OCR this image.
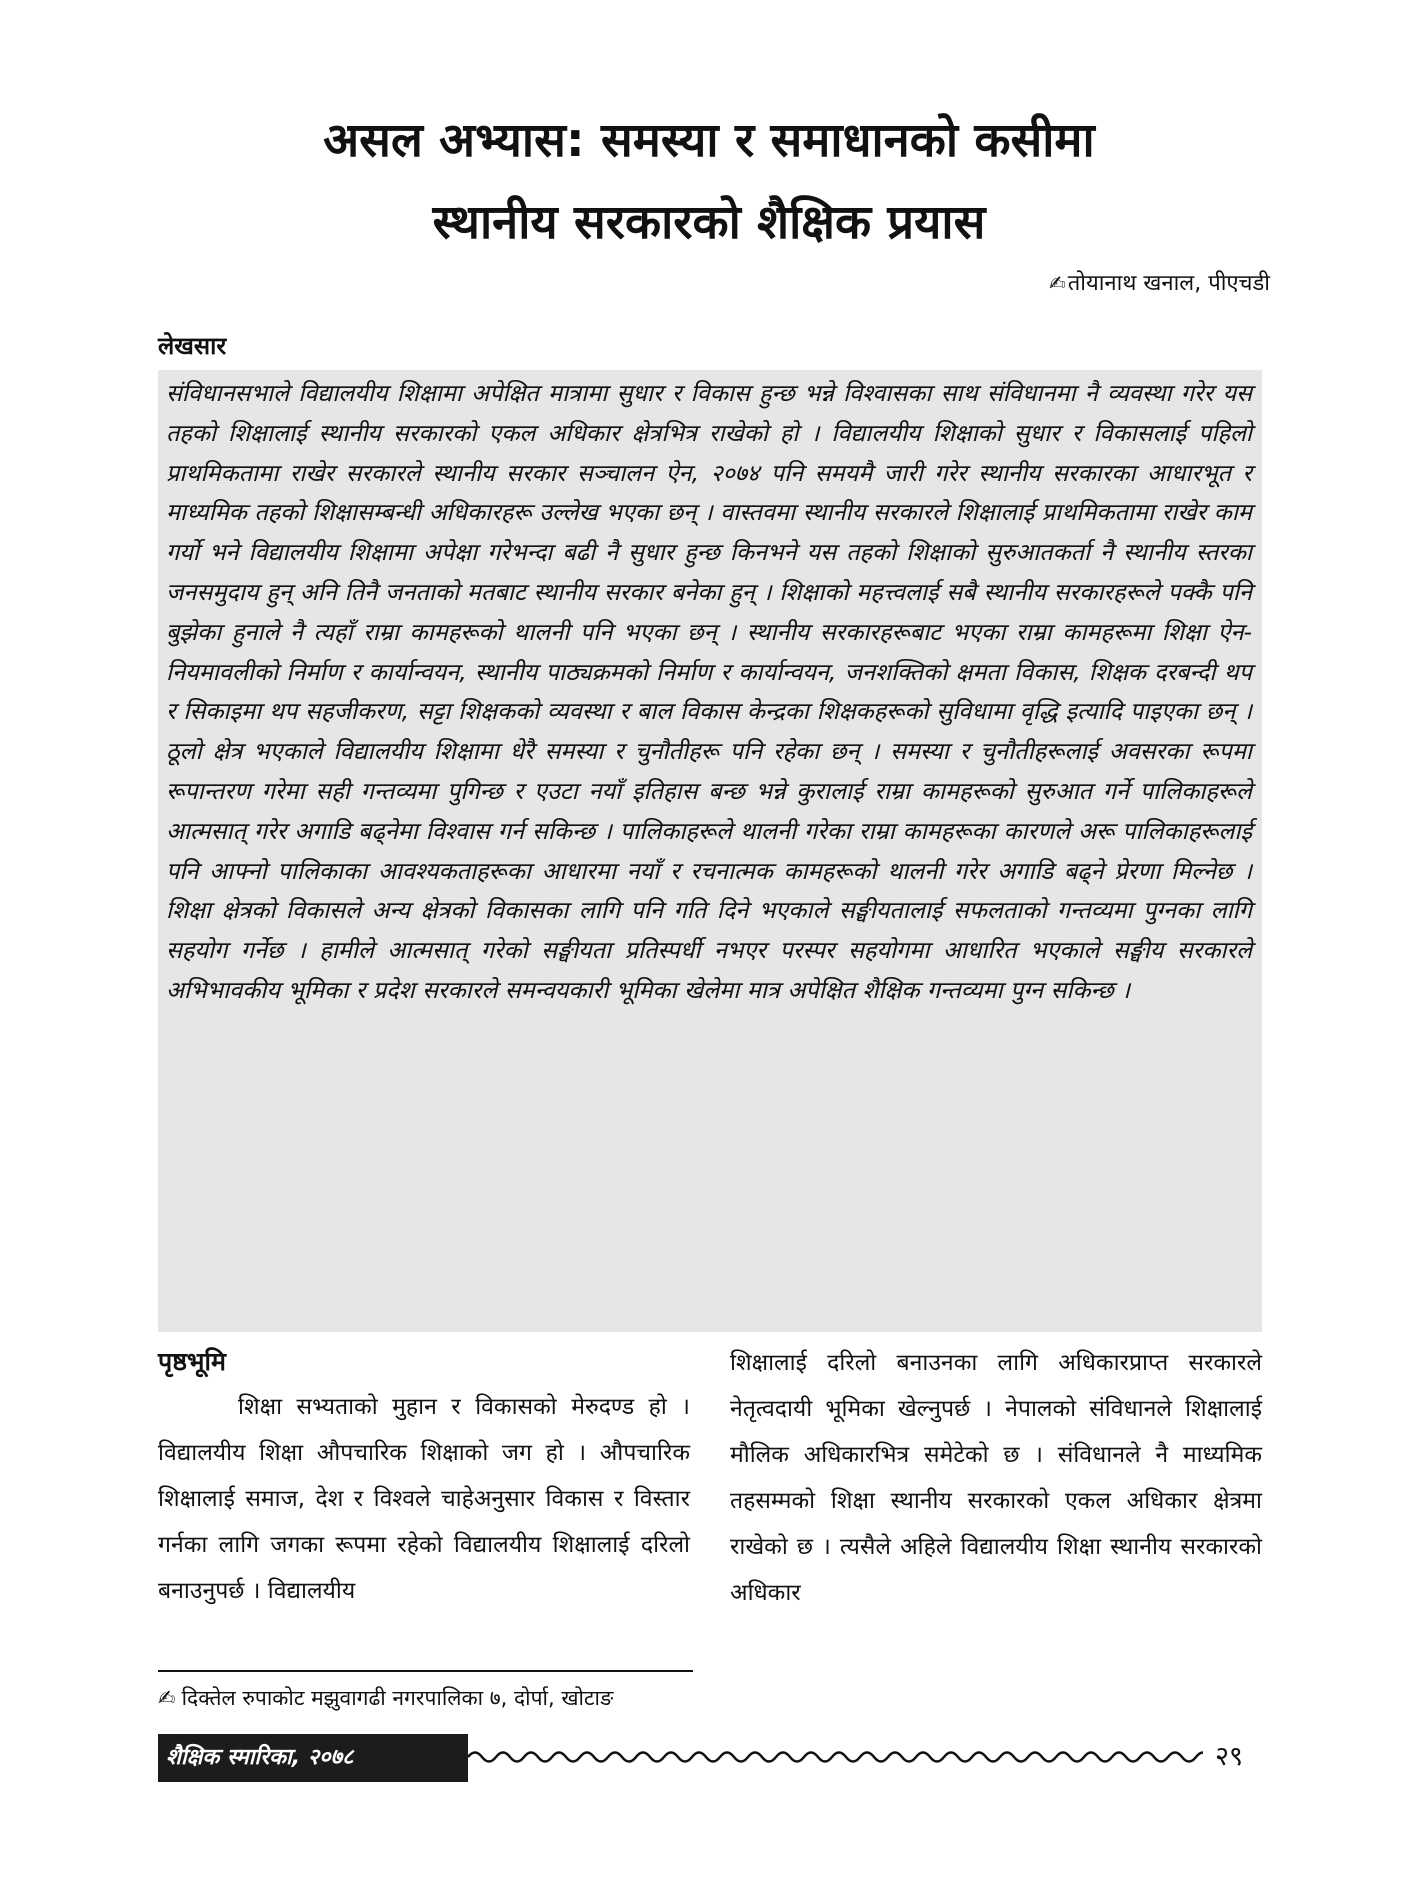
असल अभ्यास: समस्या र समाधानको कसीमा
स्थानीय सरकारको शैक्षिक प्रयास
✍तोयानाथ खनाल, पीएचडी
लेखसार
संविधानसभाले विद्यालयीय शिक्षामा अपेक्षित मात्रामा सुधार र विकास हुन्छ भन्ने विश्वासका साथ संविधानमा नै व्यवस्था गरेर यस तहको शिक्षालाई स्थानीय सरकारको एकल अधिकार क्षेत्रभित्र राखेको हो । विद्यालयीय शिक्षाको सुधार र विकासलाई पहिलो प्राथमिकतामा राखेर सरकारले स्थानीय सरकार सञ्चालन ऐन, २०७४ पनि समयमै जारी गरेर स्थानीय सरकारका आधारभूत र माध्यमिक तहको शिक्षासम्बन्धी अधिकारहरू उल्लेख भएका छन् । वास्तवमा स्थानीय सरकारले शिक्षालाई प्राथमिकतामा राखेर काम गर्यो भने विद्यालयीय शिक्षामा अपेक्षा गरेभन्दा बढी नै सुधार हुन्छ किनभने यस तहको शिक्षाको सुरुआतकर्ता नै स्थानीय स्तरका जनसमुदाय हुन् अनि तिनै जनताको मतबाट स्थानीय सरकार बनेका हुन् । शिक्षाको महत्त्वलाई सबै स्थानीय सरकारहरूले पक्कै पनि बुझेका हुनाले नै त्यहाँ राम्रा कामहरूको थालनी पनि भएका छन् । स्थानीय सरकारहरूबाट भएका राम्रा कामहरूमा शिक्षा ऐन-नियमावलीको निर्माण र कार्यान्वयन, स्थानीय पाठ्यक्रमको निर्माण र कार्यान्वयन, जनशक्तिको क्षमता विकास, शिक्षक दरबन्दी थप र सिकाइमा थप सहजीकरण, सट्टा शिक्षकको व्यवस्था र बाल विकास केन्द्रका शिक्षकहरूको सुविधामा वृद्धि इत्यादि पाइएका छन् । ठूलो क्षेत्र भएकाले विद्यालयीय शिक्षामा धेरै समस्या र चुनौतीहरू पनि रहेका छन् । समस्या र चुनौतीहरूलाई अवसरका रूपमा रूपान्तरण गरेमा सही गन्तव्यमा पुगिन्छ र एउटा नयाँ इतिहास बन्छ भन्ने कुरालाई राम्रा कामहरूको सुरुआत गर्ने पालिकाहरूले आत्मसात् गरेर अगाडि बढ्नेमा विश्वास गर्न सकिन्छ । पालिकाहरूले थालनी गरेका राम्रा कामहरूका कारणले अरू पालिकाहरूलाई पनि आफ्नो पालिकाका आवश्यकताहरूका आधारमा नयाँ र रचनात्मक कामहरूको थालनी गरेर अगाडि बढ्ने प्रेरणा मिल्नेछ । शिक्षा क्षेत्रको विकासले अन्य क्षेत्रको विकासका लागि पनि गति दिने भएकाले सङ्घीयतालाई सफलताको गन्तव्यमा पुग्नका लागि सहयोग गर्नेछ । हामीले आत्मसात् गरेको सङ्घीयता प्रतिस्पर्धी नभएर परस्पर सहयोगमा आधारित भएकाले सङ्घीय सरकारले अभिभावकीय भूमिका र प्रदेश सरकारले समन्वयकारी भूमिका खेलेमा मात्र अपेक्षित शैक्षिक गन्तव्यमा पुग्न सकिन्छ ।
पृष्ठभूमि
शिक्षा सभ्यताको मुहान र विकासको मेरुदण्ड हो । विद्यालयीय शिक्षा औपचारिक शिक्षाको जग हो । औपचारिक शिक्षालाई समाज, देश र विश्वले चाहेअनुसार विकास र विस्तार गर्नका लागि जगका रूपमा रहेको विद्यालयीय शिक्षालाई दरिलो बनाउनुपर्छ । विद्यालयीय
शिक्षालाई दरिलो बनाउनका लागि अधिकारप्राप्त सरकारले नेतृत्वदायी भूमिका खेल्नुपर्छ । नेपालको संविधानले शिक्षालाई मौलिक अधिकारभित्र समेटेको छ । संविधानले नै माध्यमिक तहसम्मको शिक्षा स्थानीय सरकारको एकल अधिकार क्षेत्रमा राखेको छ । त्यसैले अहिले विद्यालयीय शिक्षा स्थानीय सरकारको अधिकार
✍ दिक्तेल रुपाकोट मझुवागढी नगरपालिका ७, दोर्पा, खोटाङ
शैक्षिक स्मारिका, २०७८	२९
